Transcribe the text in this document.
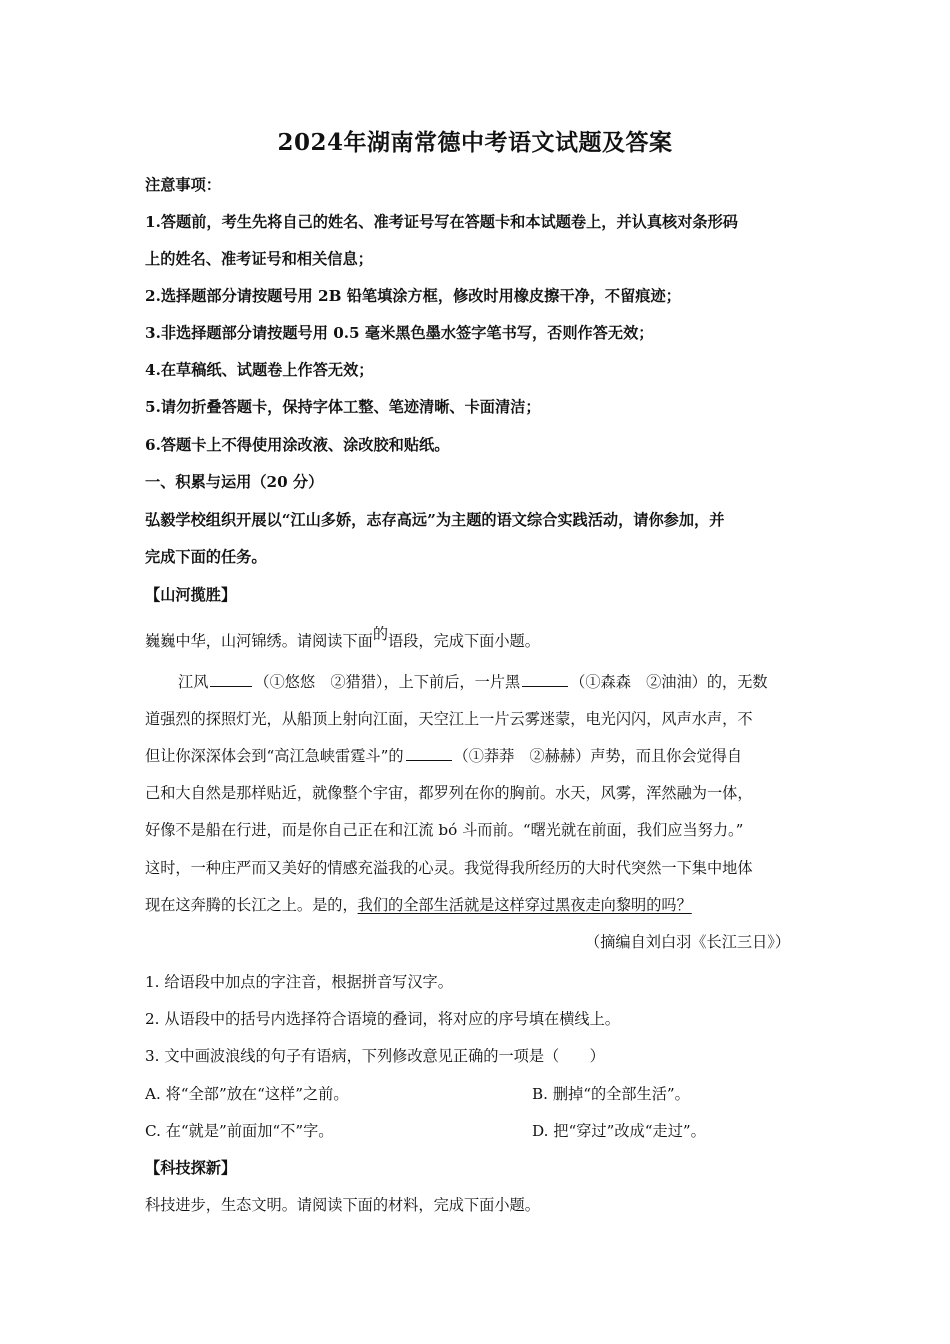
2024年湖南常德中考语文试题及答案
注意事项：
1.答题前，考生先将自己的姓名、准考证号写在答题卡和本试题卷上，并认真核对条形码
上的姓名、准考证号和相关信息；
2.选择题部分请按题号用 2B 铅笔填涂方框，修改时用橡皮擦干净，不留痕迹；
3.非选择题部分请按题号用 0.5 毫米黑色墨水签字笔书写，否则作答无效；
4.在草稿纸、试题卷上作答无效；
5.请勿折叠答题卡，保持字体工整、笔迹清晰、卡面清洁；
6.答题卡上不得使用涂改液、涂改胶和贴纸。
一、积累与运用（20 分）
弘毅学校组织开展以“江山多娇，志存高远”为主题的语文综合实践活动，请你参加，并
完成下面的任务。
【山河揽胜】
巍巍中华，山河锦绣。请阅读下面的语段，完成下面小题。
江风	（①悠悠　②猎猎），上下前后，一片黑	（①森森　②油油）的，无数
道强烈的探照灯光，从船顶上射向江面，天空江上一片云雾迷蒙，电光闪闪，风声水声，不
但让你深深体会到“高江急峡雷霆斗”的	（①莽莽　②赫赫）声势，而且你会觉得自
己和大自然是那样贴近，就像整个宇宙，都罗列在你的胸前。水天，风雾，浑然融为一体，
好像不是船在行进，而是你自己正在和江流 bó 斗而前。“曙光就在前面，我们应当努力。”
这时，一种庄严而又美好的情感充溢我的心灵。我觉得我所经历的大时代突然一下集中地体
现在这奔腾的长江之上。是的，我们的全部生活就是这样穿过黑夜走向黎明的吗？
（摘编自刘白羽《长江三日》）
1. 给语段中加点的字注音，根据拼音写汉字。
2. 从语段中的括号内选择符合语境的叠词，将对应的序号填在横线上。
3. 文中画波浪线的句子有语病，下列修改意见正确的一项是（　　）
A. 将“全部”放在“这样”之前。	B. 删掉“的全部生活”。
C. 在“就是”前面加“不”字。	D. 把“穿过”改成“走过”。
【科技探新】
科技进步，生态文明。请阅读下面的材料，完成下面小题。
